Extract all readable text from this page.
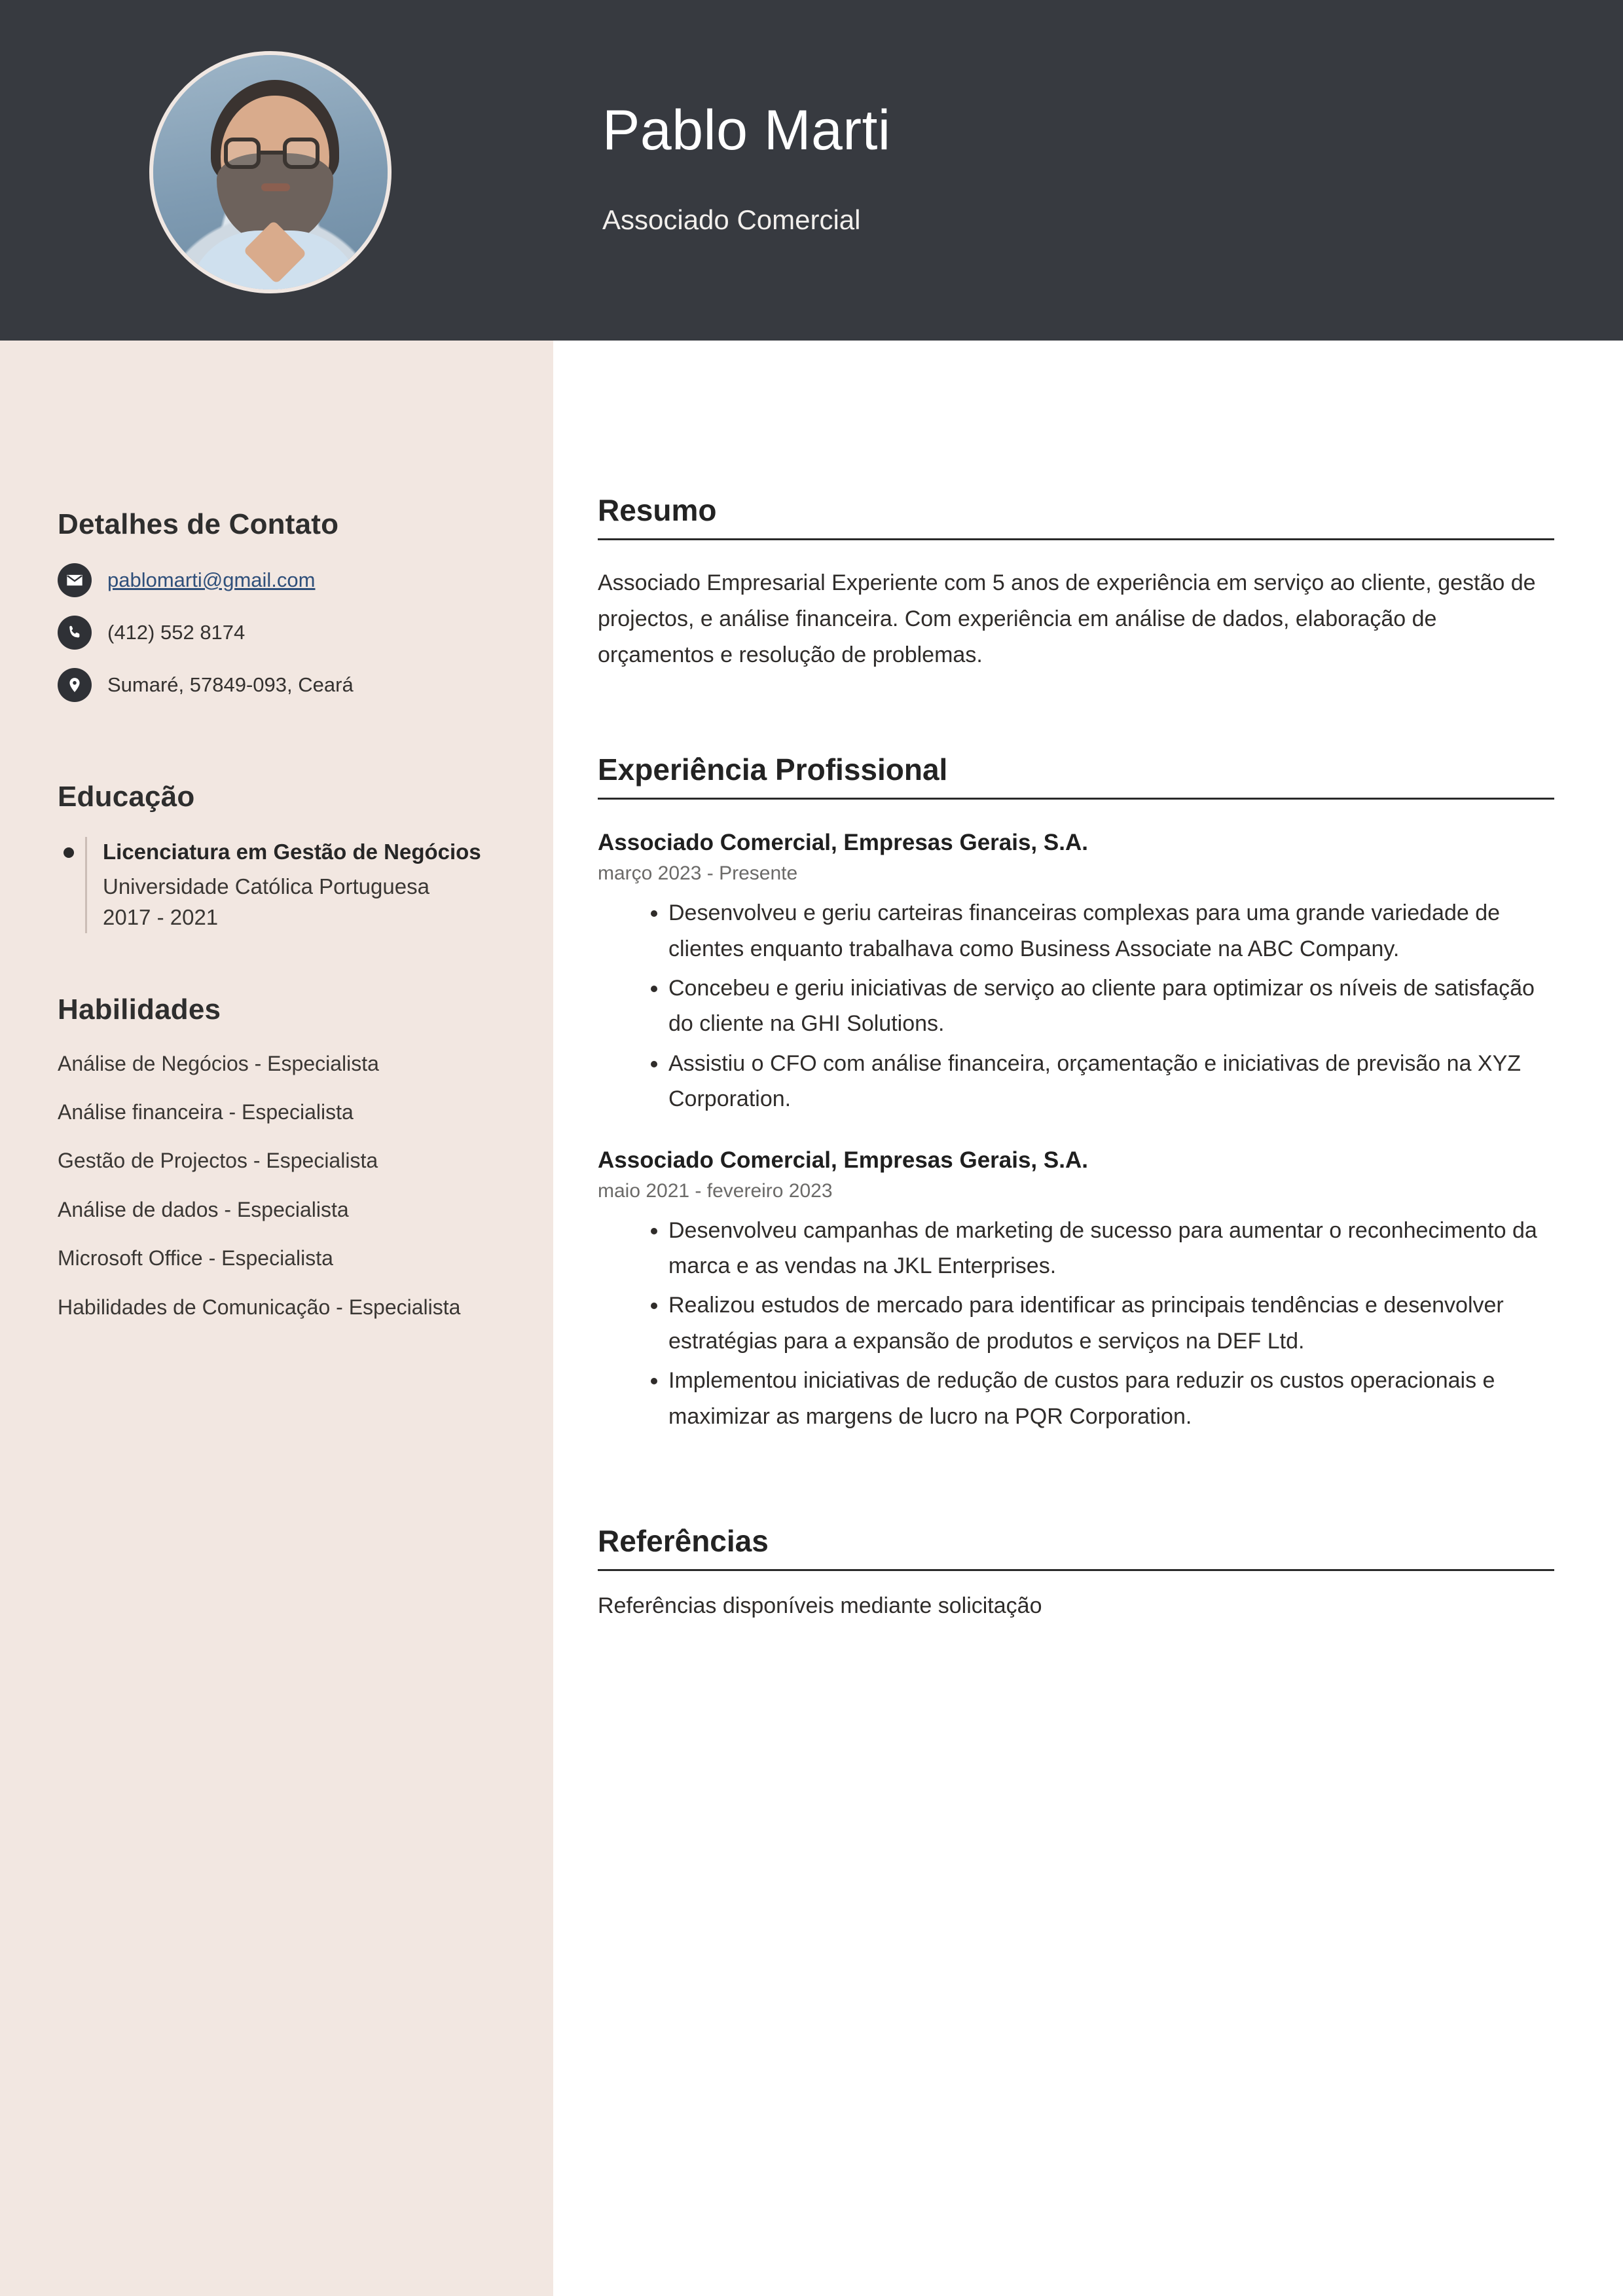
Pablo Marti
Associado Comercial
Detalhes de Contato
pablomarti@gmail.com
(412) 552 8174
Sumaré, 57849-093, Ceará
Educação
Licenciatura em Gestão de Negócios
Universidade Católica Portuguesa
2017 - 2021
Habilidades
Análise de Negócios - Especialista
Análise financeira - Especialista
Gestão de Projectos - Especialista
Análise de dados - Especialista
Microsoft Office - Especialista
Habilidades de Comunicação - Especialista
Resumo

Associado Empresarial Experiente com 5 anos de experiência em serviço ao cliente, gestão de projectos, e análise financeira. Com experiência em análise de dados, elaboração de orçamentos e resolução de problemas.

Experiência Profissional
Associado Comercial, Empresas Gerais, S.A.
março 2023 - Presente
• Desenvolveu e geriu carteiras financeiras complexas para uma grande variedade de clientes enquanto trabalhava como Business Associate na ABC Company.
• Concebeu e geriu iniciativas de serviço ao cliente para optimizar os níveis de satisfação do cliente na GHI Solutions.
• Assistiu o CFO com análise financeira, orçamentação e iniciativas de previsão na XYZ Corporation.
Associado Comercial, Empresas Gerais, S.A.
maio 2021 - fevereiro 2023
• Desenvolveu campanhas de marketing de sucesso para aumentar o reconhecimento da marca e as vendas na JKL Enterprises.
• Realizou estudos de mercado para identificar as principais tendências e desenvolver estratégias para a expansão de produtos e serviços na DEF Ltd.
• Implementou iniciativas de redução de custos para reduzir os custos operacionais e maximizar as margens de lucro na PQR Corporation.
Referências

Referências disponíveis mediante solicitação
